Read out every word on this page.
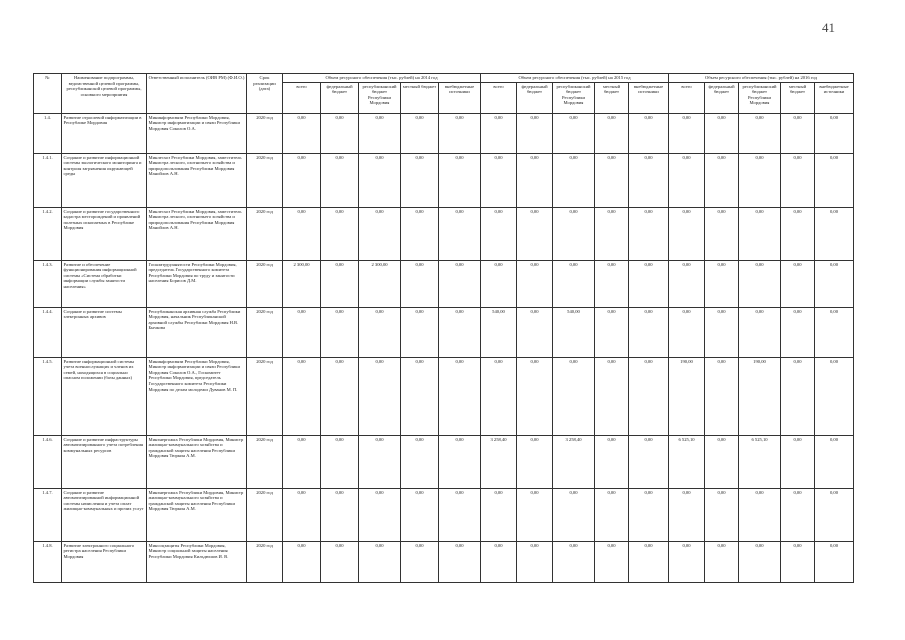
41
№	Наименование подпрограммы, ведомственной целевой программы, республиканской целевой программы, основного мероприятия	Ответственный исполнитель (ОИВ РМ) (Ф.И.О.)	Срок реализации (дата)	Объем ресурсного обеспечения (тыс. рублей) на 2014 год					Объем ресурсного обеспечения (тыс. рублей) на 2015 год					Объем ресурсного обеспечения (тыс. рублей) на 2016 год				
				всего	федеральный бюджет	республиканский бюджет Республики Мордовия	местный бюджет	внебюджетные источники	всего	федеральный бюджет	республиканский бюджет Республики Мордовия	местный бюджет	внебюджетные источники	всего	федеральный бюджет	республиканский бюджет Республики Мордовия	местный бюджет	внебюджетные источники
1.4.	Развитие отраслевой информатизации в Республике Мордовия	Мининформсвязи Республики Мордовия, Министр информатизации и связи Республики Мордовия Соколов О.А.	2020 год	0,00	0,00	0,00	0,00	0,00	0,00	0,00	0,00	0,00	0,00	0,00	0,00	0,00	0,00	0,00
1.4.1.	Создание и развитие информационной системы экологического мониторинга и контроля загрязнения окружающей среды	Минлесхоз Республики Мордовия, заместитель Министра лесного, охотничьего хозяйства и природопользования Республики Мордовия Манойлов А.Н.	2020 год	0,00	0,00	0,00	0,00	0,00	0,00	0,00	0,00	0,00	0,00	0,00	0,00	0,00	0,00	0,00
1.4.2.	Создание и развитие государственного кадастра месторождений и проявлений полезных ископаемых в Республике Мордовия	Минлесхоз Республики Мордовия, заместитель Министра лесного, охотничьего хозяйства и природопользования Республики Мордовия Манойлов А.Н.	2020 год	0,00	0,00	0,00	0,00	0,00	0,00	0,00	0,00	0,00	0,00	0,00	0,00	0,00	0,00	0,00
1.4.3.	Развитие и обеспечение функционирования информационной системы «Система обработки информации службы занятости населения»	Госкомтрудзанятости Республики Мордовия, председатель Государственного комитета Республики Мордовия по труду и занятости населения Борисов Д.М.	2020 год	2 300,00	0,00	2 300,00	0,00	0,00	0,00	0,00	0,00	0,00	0,00	0,00	0,00	0,00	0,00	0,00
1.4.4.	Создание и развитие системы электронных архивов	Республиканская архивная служба Республики Мордовия, начальник Республиканской архивной службы Республики Мордовия Н.В. Бычкова	2020 год	0,00	0,00	0,00	0,00	0,00	540,00	0,00	540,00	0,00	0,00	0,00	0,00	0,00	0,00	0,00
1.4.5.	Развитие информационной системы учета военнослужащих и членов их семей, находящихся в социально опасном положении (базы данных)	Мининформсвязи Республики Мордовия, Министр информатизации и связи Республики Мордовия Соколов О.А., Госкомитет Республики Мордовия, председатель Государственного комитета Республики Мордовия по делам молодежи Дуванов М. П.	2020 год	0,00	0,00	0,00	0,00	0,00	0,00	0,00	0,00	0,00	0,00	190,00	0,00	190,00	0,00	0,00
1.4.6.	Создание и развитие инфраструктуры автоматизированного учета потребления коммунальных ресурсов	Минэнергожкх Республики Мордовия, Министр жилищно-коммунального хозяйства и гражданской защиты населения Республики Мордовия Тюркин А.М.	2020 год	0,00	0,00	0,00	0,00	0,00	3 258,40	0,00	3 258,40	0,00	0,00	6 525,10	0,00	6 525,10	0,00	0,00
1.4.7.	Создание и развитие автоматизированной информационной системы начисления и учета оплат жилищно-коммунальных и прочих услуг	Минэнергожкх Республики Мордовия, Министр жилищно-коммунального хозяйства и гражданской защиты населения Республики Мордовия Тюркин А.М.	2020 год	0,00	0,00	0,00	0,00	0,00	0,00	0,00	0,00	0,00	0,00	0,00	0,00	0,00	0,00	0,00
1.4.8.	Развитие электронного социального регистра населения Республики Мордовия	Минсоцзащиты Республики Мордовия, Министр социальной защиты населения Республики Мордовия Кильдюшов И. В.	2020 год	0,00	0,00	0,00	0,00	0,00	0,00	0,00	0,00	0,00	0,00	0,00	0,00	0,00	0,00	0,00
